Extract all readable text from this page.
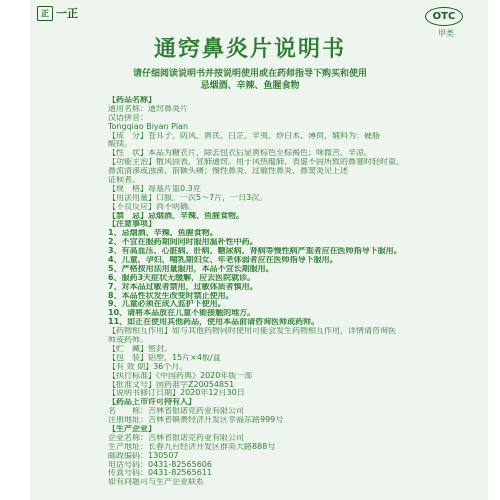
正 一正	OTC
甲类
通窍鼻炎片说明书
请仔细阅读说明书并按说明使用或在药师指导下购买和使用
忌烟酒、辛辣、鱼腥食物
【药品名称】
通用名称：通窍鼻炎片
汉语拼音：
Tongqiao Biyan Pian
【成　分】苍耳子、防风、黄芪、白芷、辛夷、炒白术、薄荷，辅料为：硬脂
酸镁。
【性　状】本品为糖衣片，除去包衣后显黄棕色至棕褐色；味微苦、辛凉。
【功能主治】散风固表，宣肺通窍。用于风热蕴肺、表虚不固所致的鼻塞时轻时重、
鼻流清涕或浊涕、前额头痛；慢性鼻炎、过敏性鼻炎、鼻窦炎见上述
证候者。
【规　格】每基片重0.3克
【用法用量】口服。一次5～7片，一日3次。
【不良反应】尚不明确。
【禁　忌】忌烟酒、辛辣、鱼腥食物。
【注意事项】
1、忌烟酒、辛辣、鱼腥食物。
2、不宜在服药期间同时服用温补性中药。
3、有高血压、心脏病、肝病、糖尿病、肾病等慢性病严重者应在医师指导下服用。
4、儿童、孕妇、哺乳期妇女、年老体弱者应在医师指导下服用。
5、严格按用法用量服用，本品不宜长期服用。
6、服药3天症状无缓解，应去医院就诊。
7、对本品过敏者禁用，过敏体质者慎用。
8、本品性状发生改变时禁止使用。
9、儿童必须在成人监护下使用。
10、请将本品放在儿童不能接触的地方。
11、如正在使用其他药品，使用本品前请咨询医师或药师。
【药物相互作用】如与其他药物同时使用可能会发生药物相互作用，详情请咨询医
师或药师。
【贮　藏】密封。
【包　装】铝塑，15片×4板/盒
【有 效 期】36个月。
【执行标准】《中国药典》2020年版一部
【批准文号】国药准字Z20054851
【说明书修订日期】2020年12月30日
【药品上市许可持有人】
名　　称：吉林省银诺克药业有限公司
注册地址：吉林省镇赉经济开发区幸福东路999号
【生产企业】
企业名称：吉林省银诺克药业有限公司
生产地址：长春九台经济开发区群英大路888号
邮政编码：130507
电话号码：0431-82565606
传真号码：0431-82565611
如有问题可与生产企业联系
